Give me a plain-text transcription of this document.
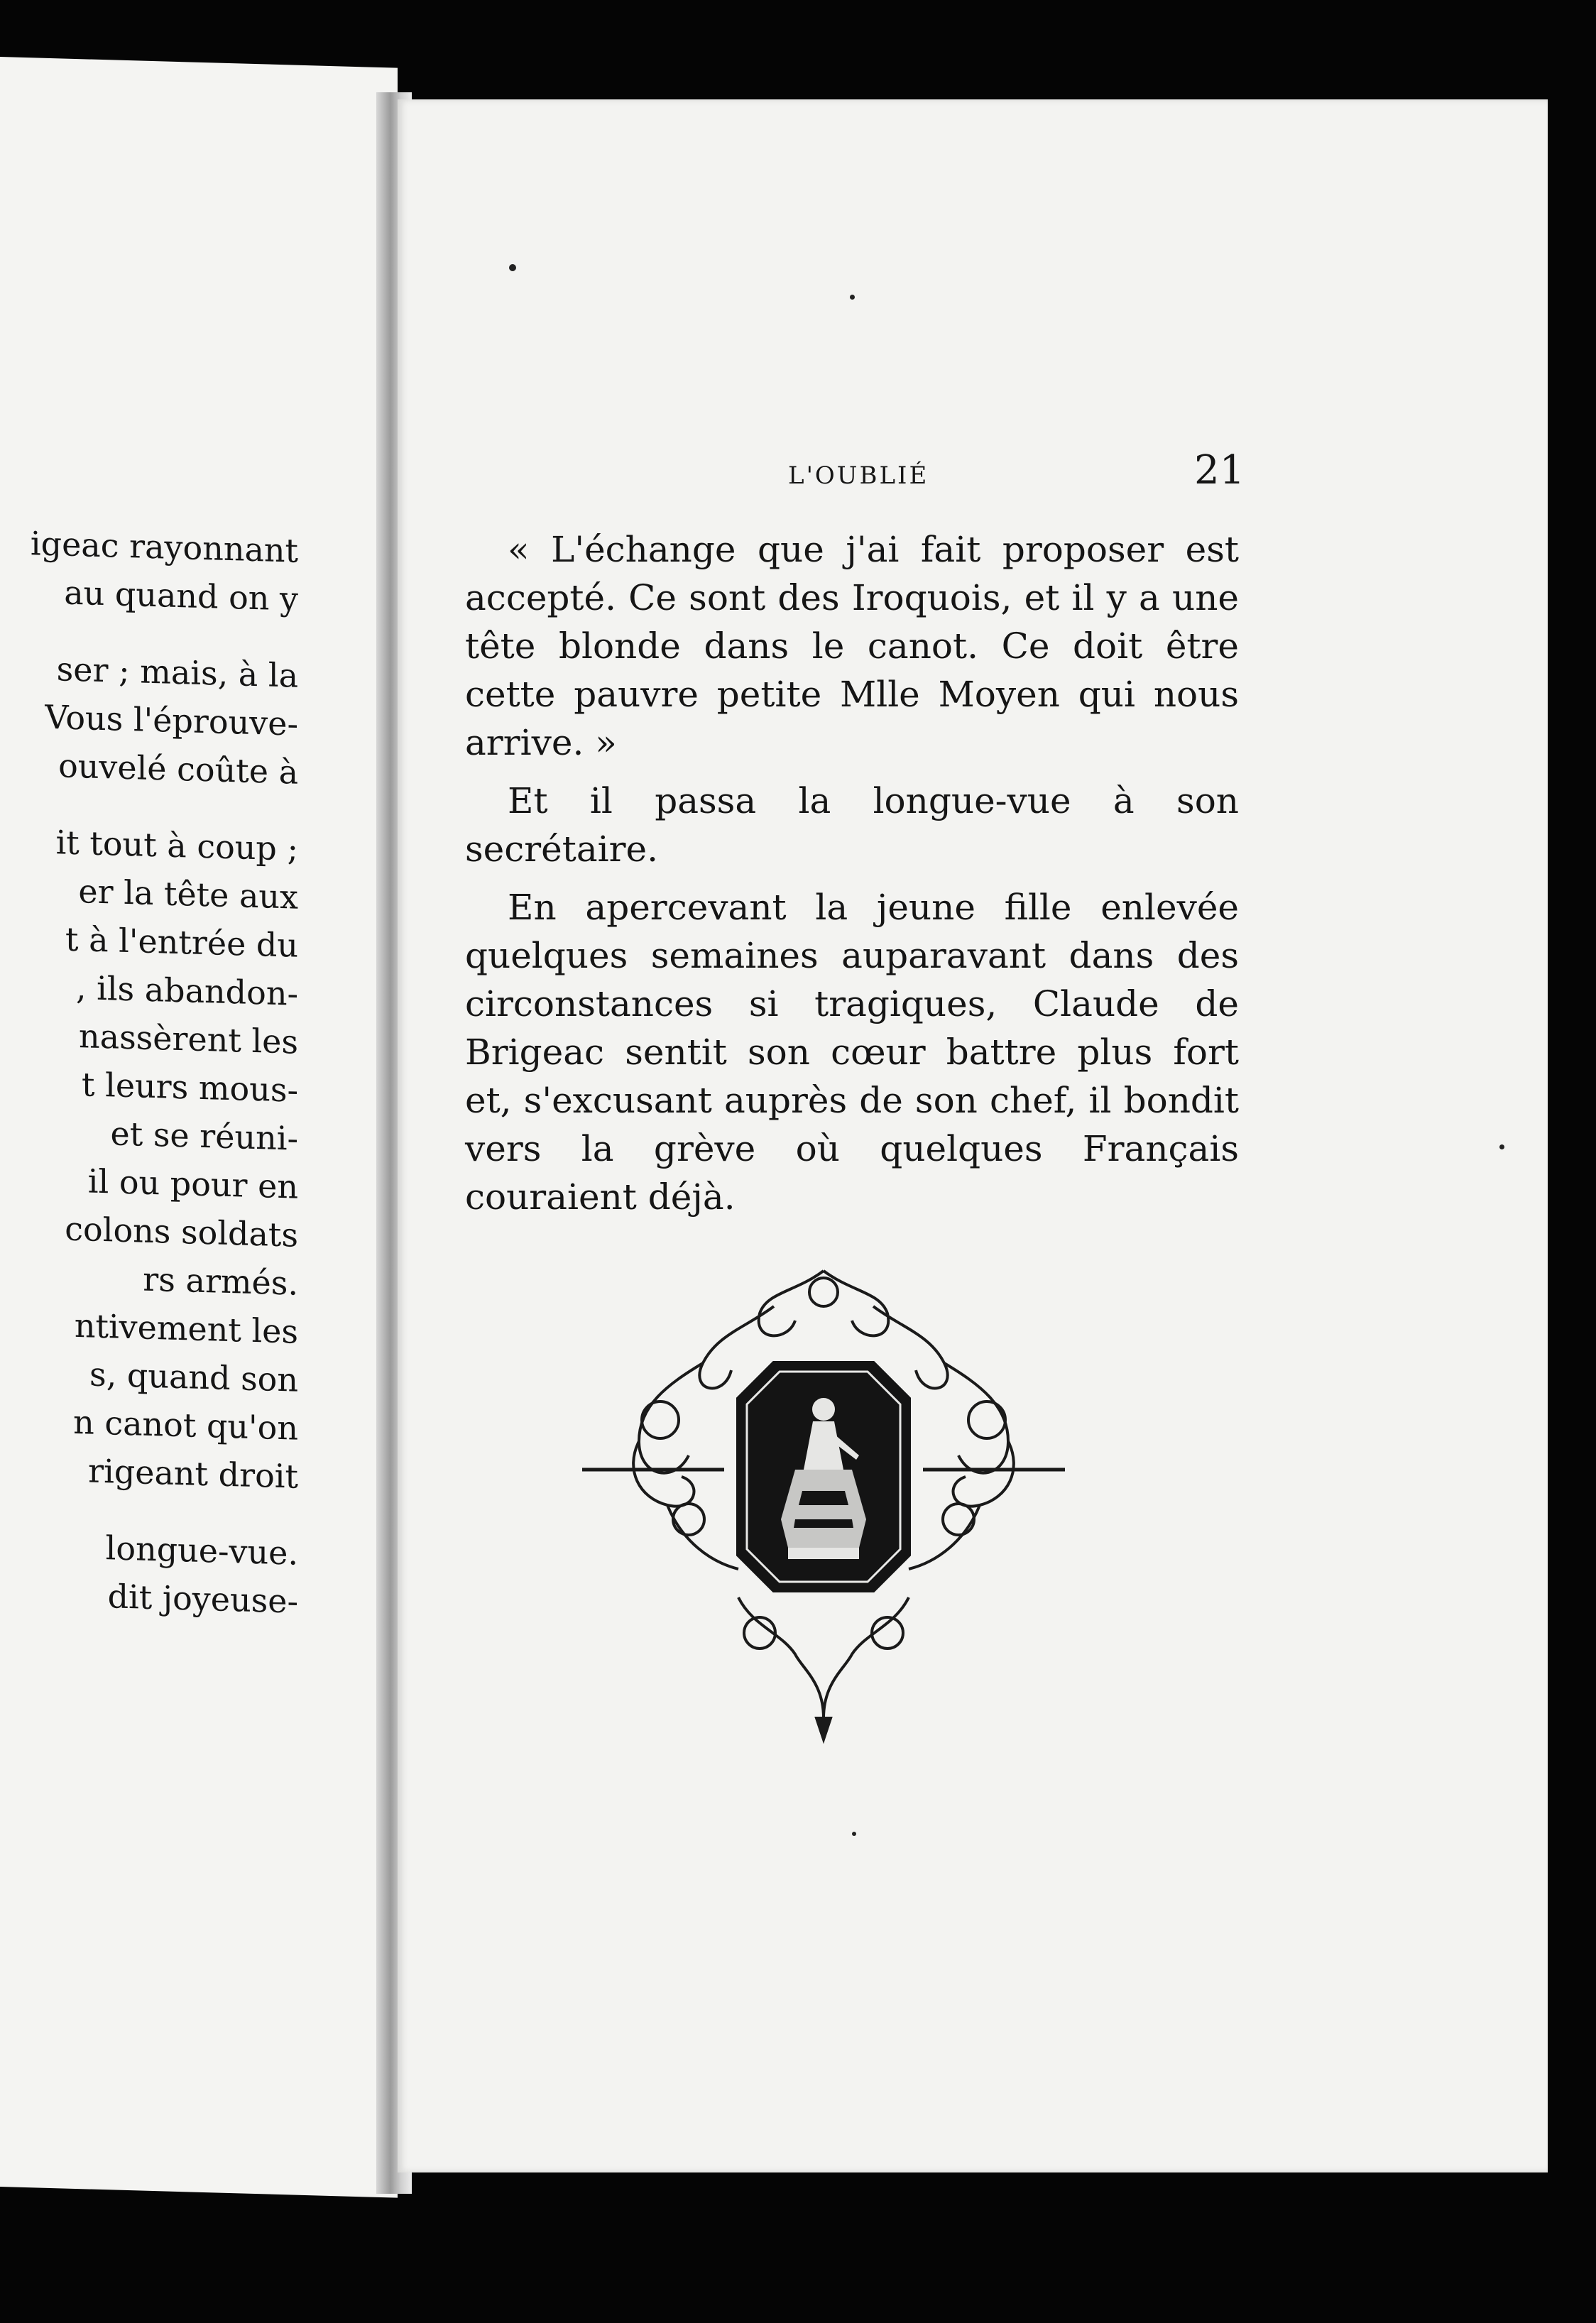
igeac rayonnant
au quand on y
ser ; mais, à la
Vous l'éprouve-
ouvelé coûte à
it tout à coup ;
er la tête aux
t à l'entrée du
, ils abandon-
nassèrent les
t leurs mous-
et se réuni-
il ou pour en
colons soldats
rs armés.
ntivement les
s, quand son
n canot qu'on
rigeant droit
longue-vue.
dit joyeuse-
L'OUBLIÉ	21

« L'échange que j'ai fait proposer est accepté. Ce sont des Iroquois, et il y a une tête blonde dans le canot. Ce doit être cette pauvre petite Mlle Moyen qui nous arrive. »

Et il passa la longue-vue à son secrétaire.

En apercevant la jeune fille enlevée quelques semaines auparavant dans des circonstances si tragiques, Claude de Brigeac sentit son cœur battre plus fort et, s'excusant auprès de son chef, il bondit vers la grève où quelques Français couraient déjà.
